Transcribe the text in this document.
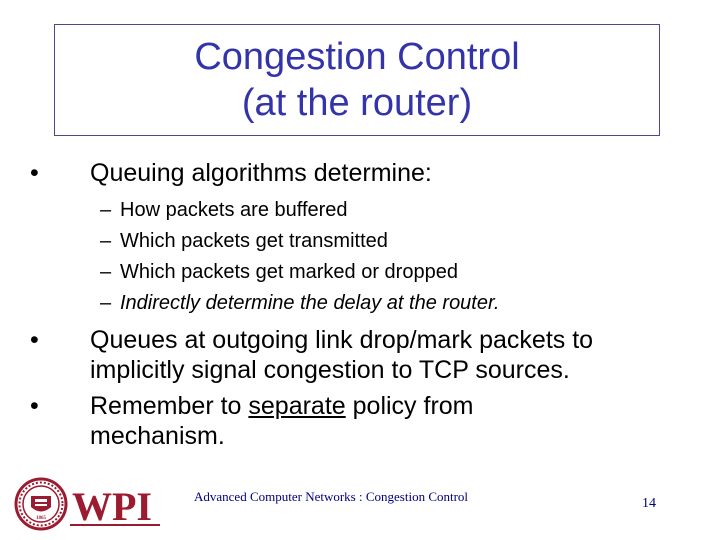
Congestion Control
(at the router)
•	Queuing algorithms determine:
– How packets are buffered
– Which packets get transmitted
– Which packets get marked or dropped
– Indirectly determine the delay at the router.
•	Queues at outgoing link drop/mark packets to
implicitly signal congestion to TCP sources.
•	Remember to separate policy from
mechanism.
1865 WPI	Advanced Computer Networks : Congestion Control	14
